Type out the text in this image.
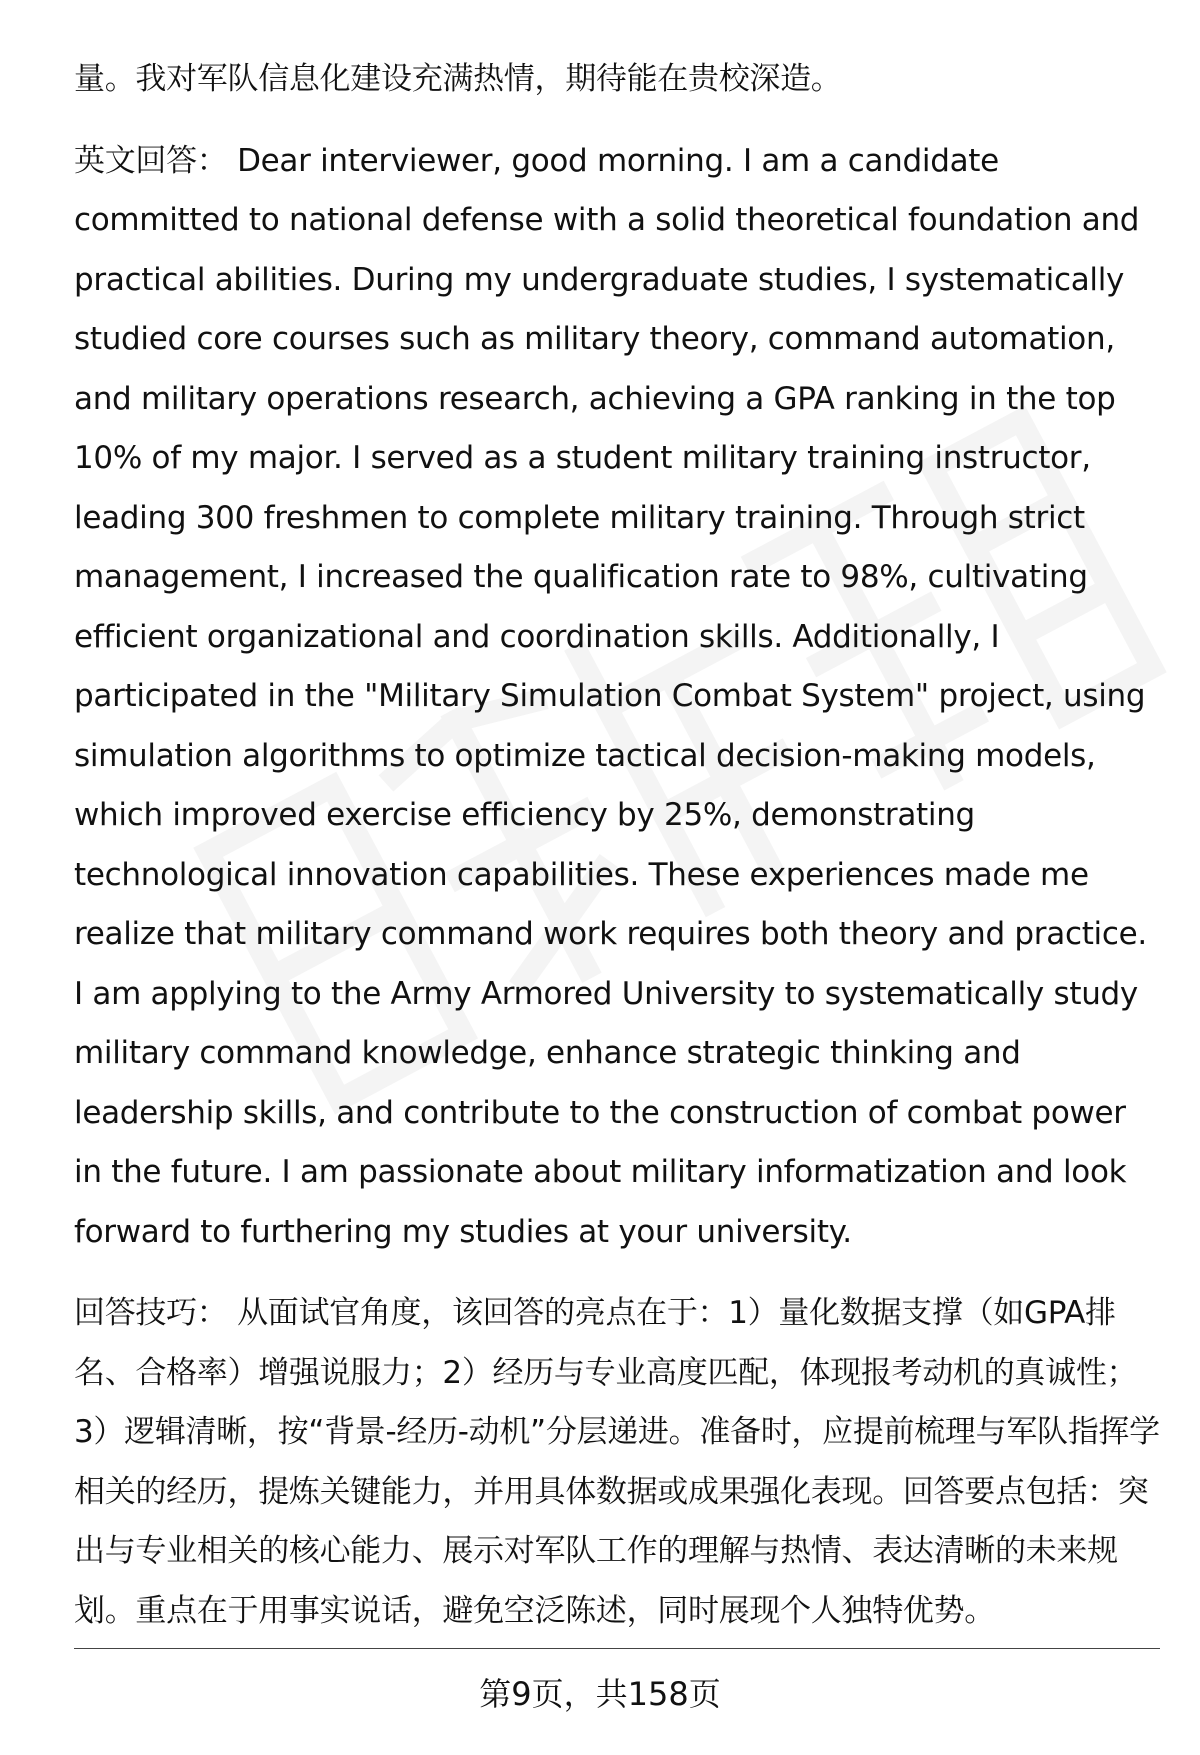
量。我对军队信息化建设充满热情，期待能在贵校深造。

英文回答： Dear interviewer, good morning. I am a candidate committed to national defense with a solid theoretical foundation and practical abilities. During my undergraduate studies, I systematically studied core courses such as military theory, command automation, and military operations research, achieving a GPA ranking in the top 10% of my major. I served as a student military training instructor, leading 300 freshmen to complete military training. Through strict management, I increased the qualification rate to 98%, cultivating efficient organizational and coordination skills. Additionally, I participated in the "Military Simulation Combat System" project, using simulation algorithms to optimize tactical decision-making models, which improved exercise efficiency by 25%, demonstrating technological innovation capabilities. These experiences made me realize that military command work requires both theory and practice. I am applying to the Army Armored University to systematically study military command knowledge, enhance strategic thinking and leadership skills, and contribute to the construction of combat power in the future. I am passionate about military informatization and look forward to furthering my studies at your university.

回答技巧： 从面试官角度，该回答的亮点在于：1）量化数据支撑（如GPA排名、合格率）增强说服力；2）经历与专业高度匹配，体现报考动机的真诚性；3）逻辑清晰，按“背景-经历-动机”分层递进。准备时，应提前梳理与军队指挥学相关的经历，提炼关键能力，并用具体数据或成果强化表现。回答要点包括：突出与专业相关的核心能力、展示对军队工作的理解与热情、表达清晰的未来规划。重点在于用事实说话，避免空泛陈述，同时展现个人独特优势。

第9页，共158页
